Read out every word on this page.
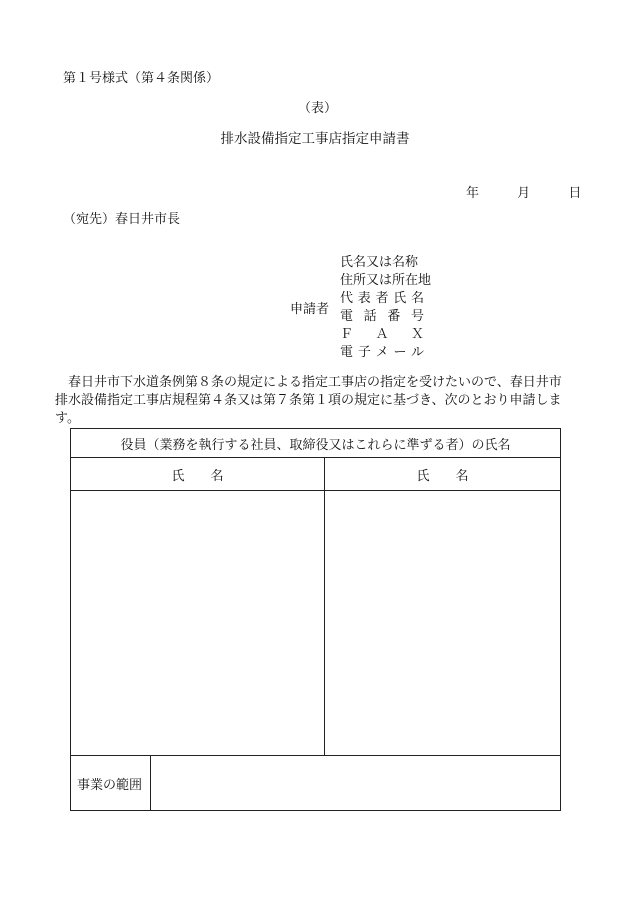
第１号様式（第４条関係）
（表）
排水設備指定工事店指定申請書
年	月	日
（宛先）春日井市長
申請者
氏名又は名称
住所又は所在地
代表者氏名
電話番号
ＦＡＸ
電子メール
春日井市下水道条例第８条の規定による指定工事店の指定を受けたいので、春日井市排水設備指定工事店規程第４条又は第７条第１項の規定に基づき、次のとおり申請します。
役員（業務を執行する社員、取締役又はこれらに準ずる者）の氏名		
氏　　名		氏　　名

事業の範囲		
